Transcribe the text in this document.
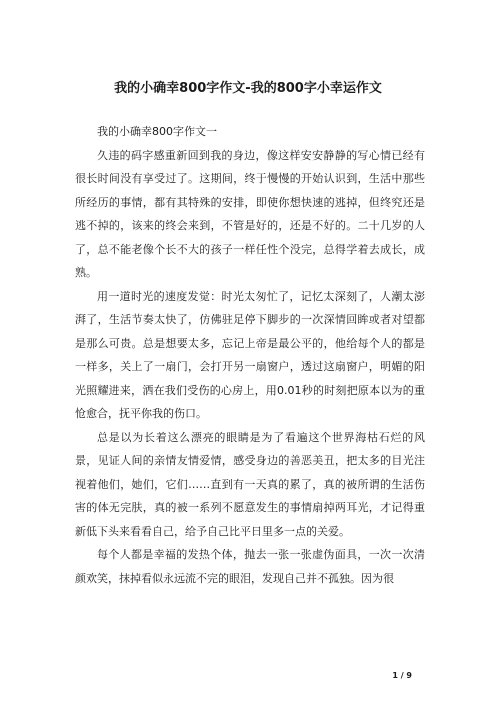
我的小确幸800字作文-我的800字小幸运作文

我的小确幸800字作文一

久违的码字感重新回到我的身边，像这样安安静静的写心情已经有很长时间没有享受过了。这期间，终于慢慢的开始认识到，生活中那些所经历的事情，都有其特殊的安排，即使你想快速的逃掉，但终究还是逃不掉的，该来的终会来到，不管是好的，还是不好的。二十几岁的人了，总不能老像个长不大的孩子一样任性个没完，总得学着去成长，成熟。

用一道时光的速度发觉：时光太匆忙了，记忆太深刻了，人潮太澎湃了，生活节奏太快了，仿佛驻足停下脚步的一次深情回眸或者对望都是那么可贵。总是想要太多，忘记上帝是最公平的，他给每个人的都是一样多，关上了一扇门，会打开另一扇窗户，透过这扇窗户，明媚的阳光照耀进来，洒在我们受伤的心房上，用0.01秒的时刻把原本以为的重怆愈合，抚平你我的伤口。

总是以为长着这么漂亮的眼睛是为了看遍这个世界海枯石烂的风景，见证人间的亲情友情爱情，感受身边的善恶美丑，把太多的目光注视着他们，她们，它们……直到有一天真的累了，真的被所谓的生活伤害的体无完肤，真的被一系列不愿意发生的事情扇掉两耳光，才记得重新低下头来看看自己，给予自己比平日里多一点的关爱。

每个人都是幸福的发热个体，抛去一张一张虚伪面具，一次一次清颜欢笑，抹掉看似永远流不完的眼泪，发现自己并不孤独。因为很

1 / 9
